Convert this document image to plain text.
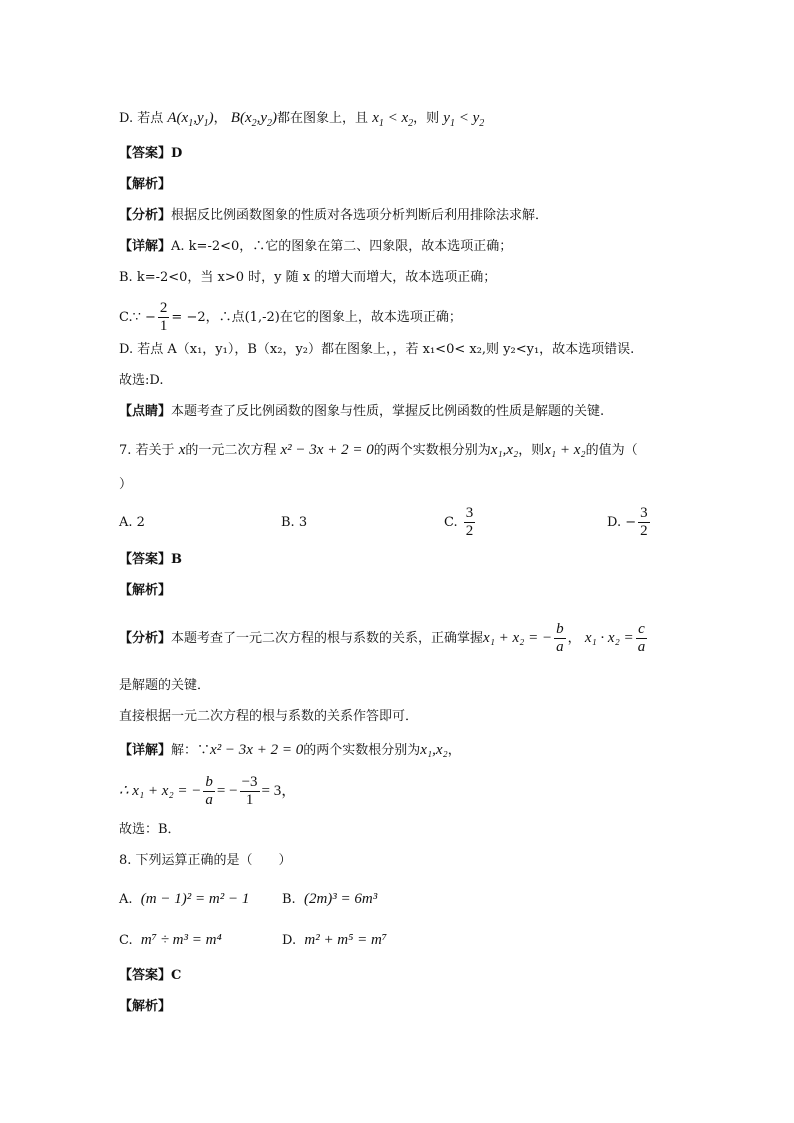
D. 若点 $A(x_1,y_1)$， $B(x_2,y_2)$都在图象上，且 $x_1 < x_2$，则 $y_1 < y_2$
【答案】D
【解析】
【分析】根据反比例函数图象的性质对各选项分析判断后利用排除法求解．
【详解】A. k=-2<0，∴它的图象在第二、四象限，故本选项正确；
B. k=-2<0，当 x>0 时，y 随 x 的增大而增大，故本选项正确；
C.∵ − $\frac{2}{1} = -2$，∴点(1,-2)在它的图象上，故本选项正确；
D. 若点 A（x₁，y₁），B（x₂，y₂）都在图象上，，若 x₁<0< x₂,则 y₂<y₁，故本选项错误.
故选:D.
【点睛】本题考查了反比例函数的图象与性质，掌握反比例函数的性质是解题的关键.
7. 若关于 x的一元二次方程 x² − 3x + 2 = 0的两个实数根分别为x₁,x₂，则x₁ + x₂的值为（
）
A. 2	B. 3	C. $\frac{3}{2}$	D. − $\frac{3}{2}$
【答案】B
【解析】
【分析】本题考查了一元二次方程的根与系数的关系，正确掌握x₁ + x₂ = − $\frac{b}{a}$ ， $x_1 \cdot x_2 = \frac{c}{a}$
是解题的关键．
直接根据一元二次方程的根与系数的关系作答即可．
【详解】解：∵x² − 3x + 2 = 0的两个实数根分别为x₁,x₂，
∴ x₁ + x₂ = − $\frac{b}{a}$ = − $\frac{-3}{1} = 3$，
故选：B．
8. 下列运算正确的是（　　）
A. (m − 1)² = m² − 1	B. (2m)³ = 6m³
C. m⁷ ÷ m³ = m⁴	D. m² + m⁵ = m⁷
【答案】C
【解析】
